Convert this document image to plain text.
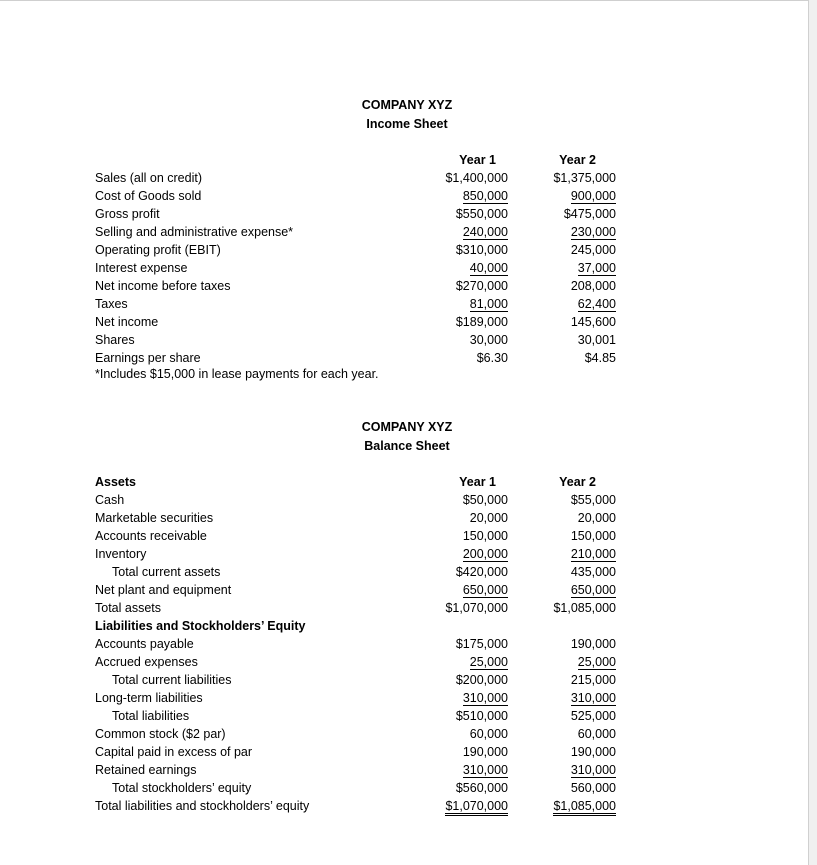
COMPANY XYZ
Income Sheet
Year 1	Year 2
Sales (all on credit)	$1,400,000	$1,375,000
Cost of Goods sold	850,000	900,000
Gross profit	$550,000	$475,000
Selling and administrative expense*	240,000	230,000
Operating profit (EBIT)	$310,000	245,000
Interest expense	40,000	37,000
Net income before taxes	$270,000	208,000
Taxes	81,000	62,400
Net income	$189,000	145,600
Shares	30,000	30,001
Earnings per share	$6.30	$4.85
*Includes $15,000 in lease payments for each year.
COMPANY XYZ
Balance Sheet
Assets	Year 1	Year 2
Cash	$50,000	$55,000
Marketable securities	20,000	20,000
Accounts receivable	150,000	150,000
Inventory	200,000	210,000
Total current assets	$420,000	435,000
Net plant and equipment	650,000	650,000
Total assets	$1,070,000	$1,085,000
Liabilities and Stockholders’ Equity
Accounts payable	$175,000	190,000
Accrued expenses	25,000	25,000
Total current liabilities	$200,000	215,000
Long-term liabilities	310,000	310,000
Total liabilities	$510,000	525,000
Common stock ($2 par)	60,000	60,000
Capital paid in excess of par	190,000	190,000
Retained earnings	310,000	310,000
Total stockholders’ equity	$560,000	560,000
Total liabilities and stockholders’ equity	$1,070,000	$1,085,000
